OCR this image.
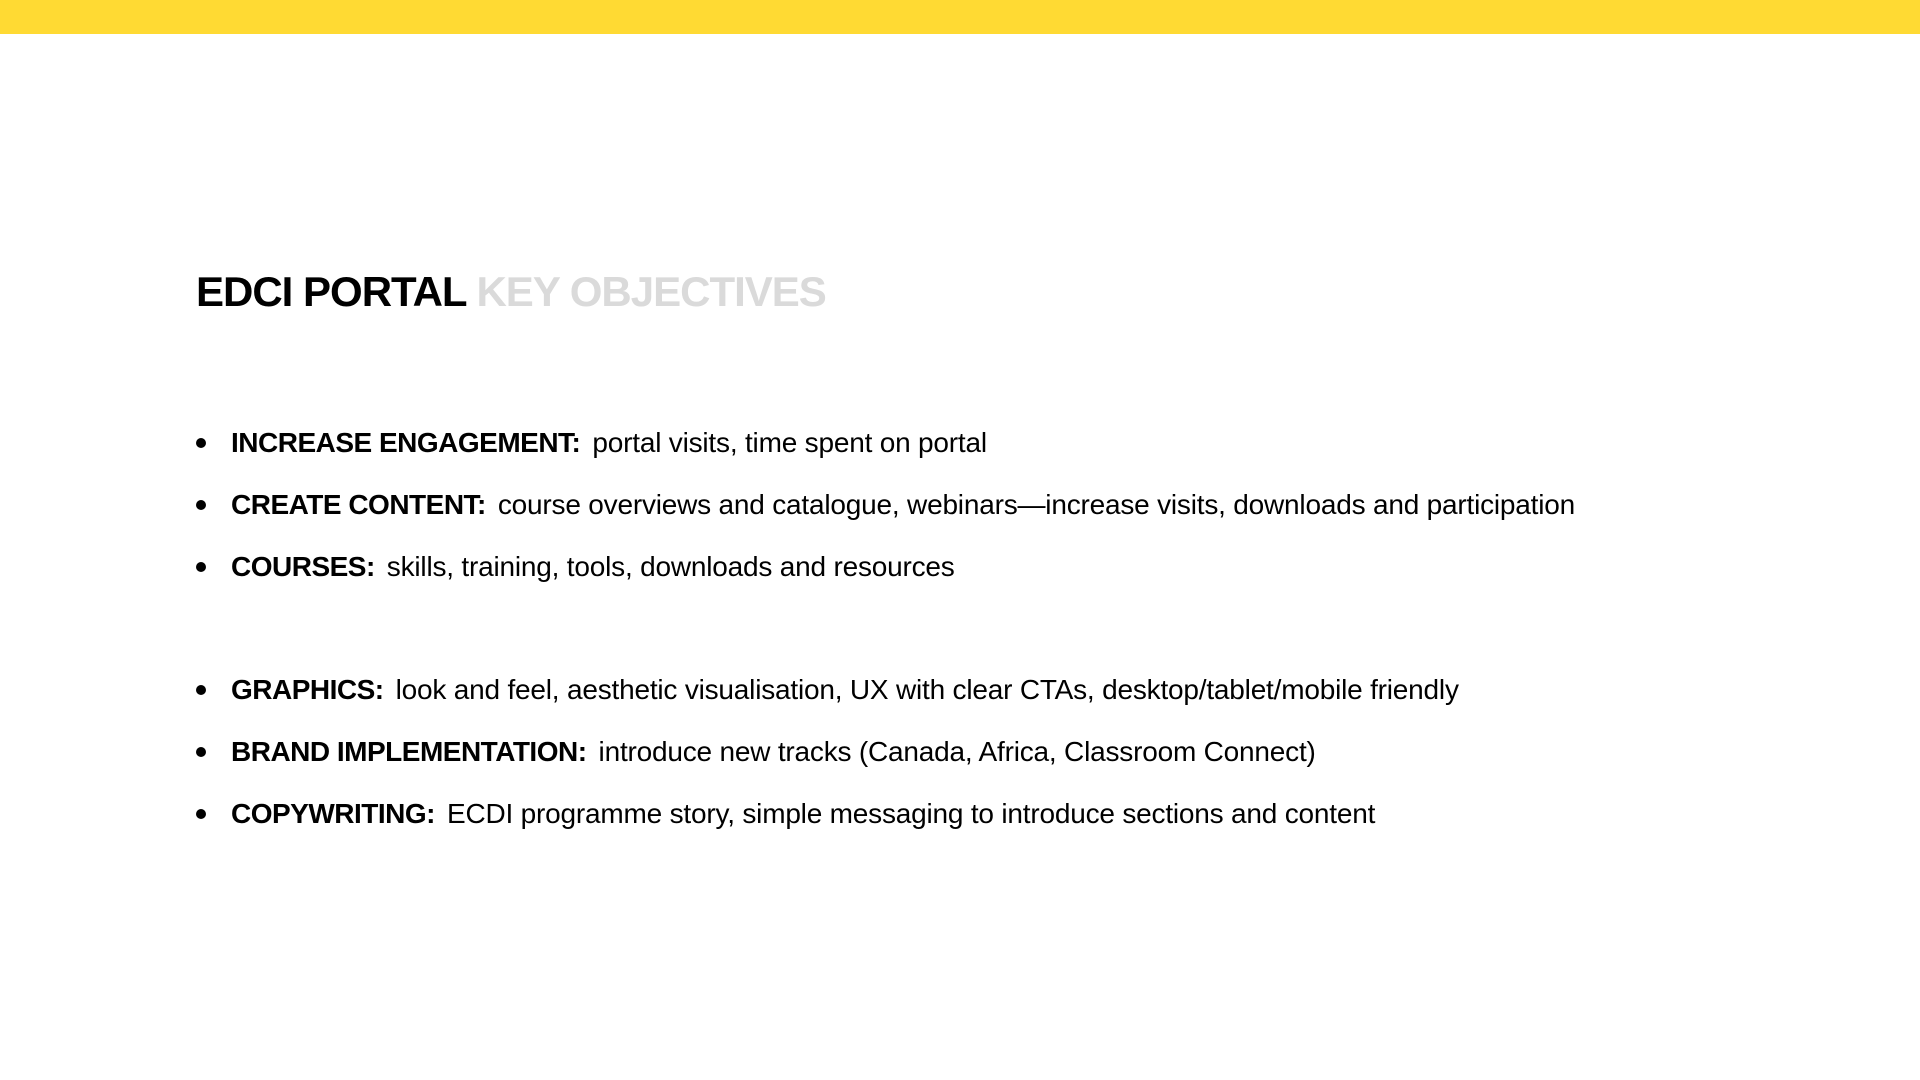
EDCI PORTAL KEY OBJECTIVES
INCREASE ENGAGEMENT: portal visits, time spent on portal
CREATE CONTENT: course overviews and catalogue, webinars—increase visits, downloads and participation
COURSES: skills, training, tools, downloads and resources
GRAPHICS: look and feel, aesthetic visualisation, UX with clear CTAs, desktop/tablet/mobile friendly
BRAND IMPLEMENTATION: introduce new tracks (Canada, Africa, Classroom Connect)
COPYWRITING: ECDI programme story, simple messaging to introduce sections and content
